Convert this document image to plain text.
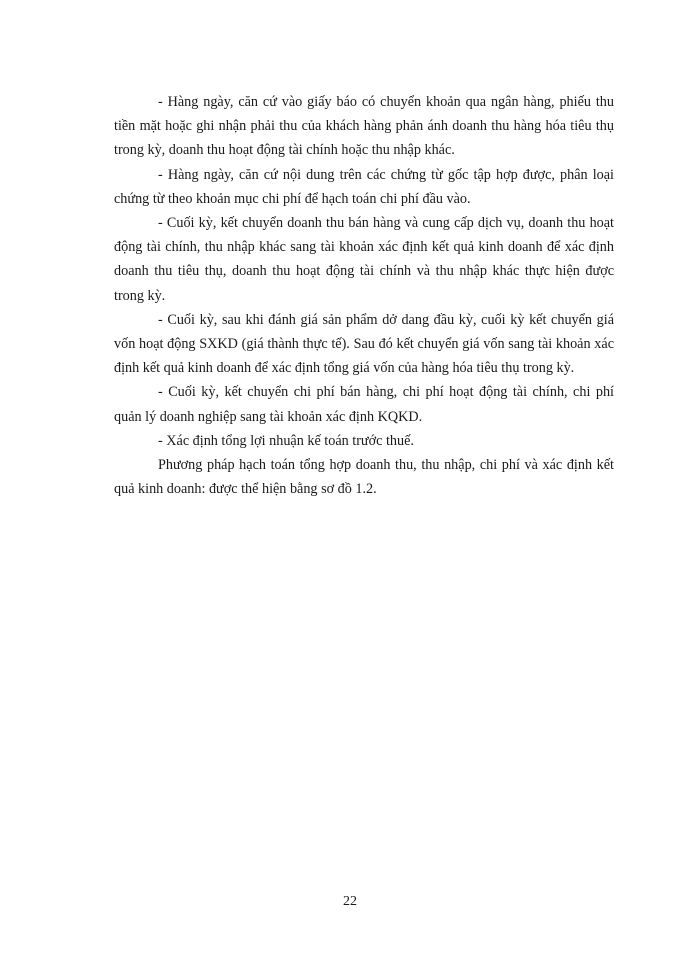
- Hàng ngày, căn cứ vào giấy báo có chuyển khoản qua ngân hàng, phiếu thu tiền mặt hoặc ghi nhận phải thu của khách hàng phản ánh doanh thu hàng hóa tiêu thụ trong kỳ, doanh thu hoạt động tài chính hoặc thu nhập khác.

- Hàng ngày, căn cứ nội dung trên các chứng từ gốc tập hợp được, phân loại chứng từ theo khoản mục chi phí để hạch toán chi phí đầu vào.

- Cuối kỳ, kết chuyển doanh thu bán hàng và cung cấp dịch vụ, doanh thu hoạt động tài chính, thu nhập khác sang tài khoản xác định kết quả kinh doanh để xác định doanh thu tiêu thụ, doanh thu hoạt động tài chính và thu nhập khác thực hiện được trong kỳ.

- Cuối kỳ, sau khi đánh giá sản phẩm dở dang đầu kỳ, cuối kỳ kết chuyển giá vốn hoạt động SXKD (giá thành thực tế). Sau đó kết chuyển giá vốn sang tài khoản xác định kết quả kinh doanh để xác định tổng giá vốn của hàng hóa tiêu thụ trong kỳ.

- Cuối kỳ, kết chuyển chi phí bán hàng, chi phí hoạt động tài chính, chi phí quản lý doanh nghiệp sang tài khoản xác định KQKD.

- Xác định tổng lợi nhuận kế toán trước thuế.

Phương pháp hạch toán tổng hợp doanh thu, thu nhập, chi phí và xác định kết quả kinh doanh: được thể hiện bằng sơ đồ 1.2.

22
